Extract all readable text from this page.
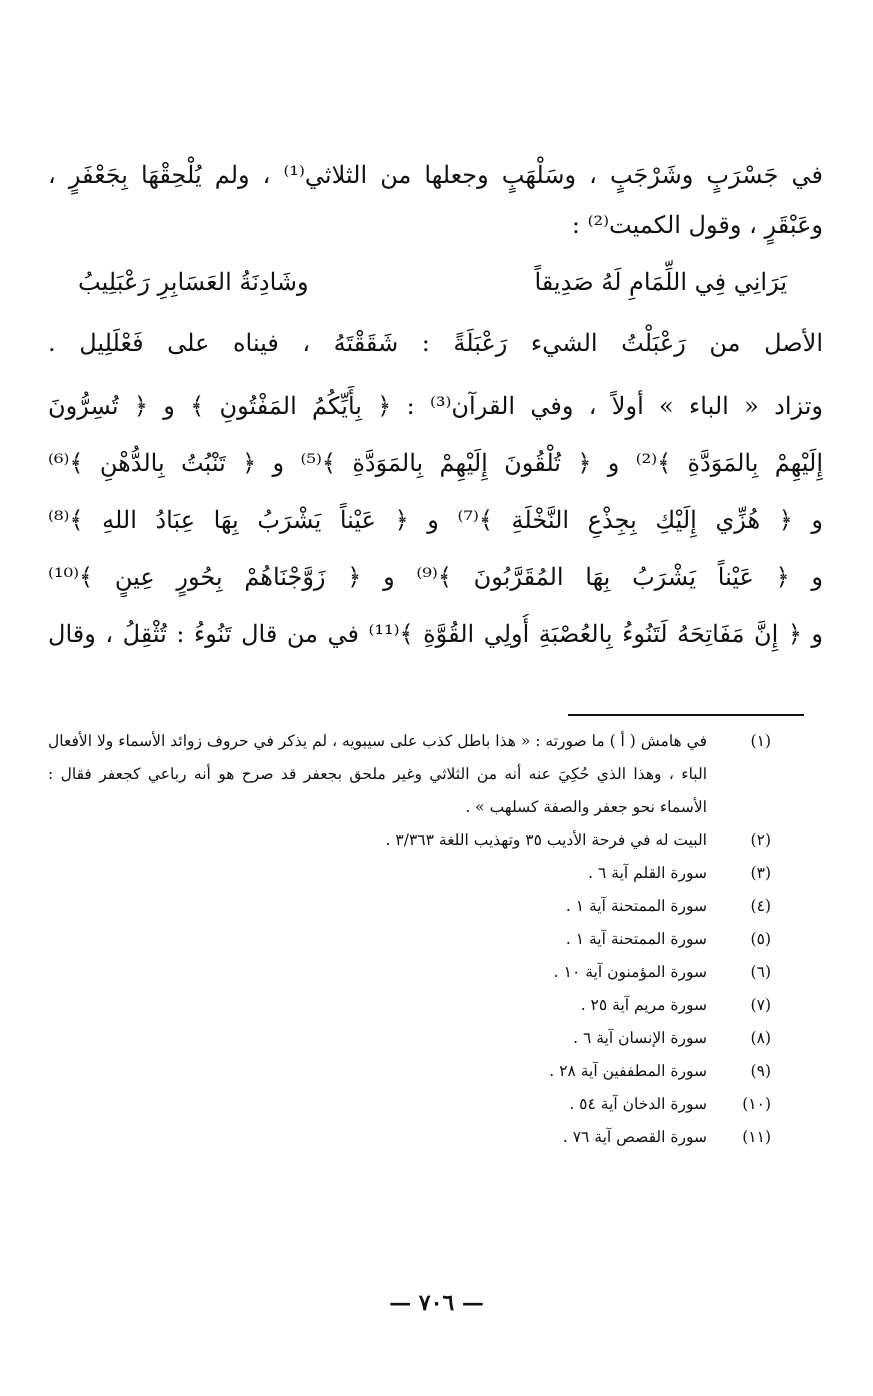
في جَسْرَبٍ وشَرْجَبٍ ، وسَلْهَبٍ وجعلها من الثلاثي⁽¹⁾ ، ولم يُلْحِقْهَا بِجَعْفَرٍ ،
وعَبْقَرٍ ، وقول الكميت⁽²⁾ :
يَرَانِي فِي اللِّمَامِ لَهُ صَدِيقاً
وشَادِنَةُ العَسَابِرِ رَعْبَلِيبُ
الأصل من رَعْبَلْتُ الشيء رَعْبَلَةً : شَقَقْتَهُ ، فيناه على فَعْلَلِيل .
وتزاد « الباء » أولاً ، وفي القرآن⁽³⁾ : ﴿ بِأَيِّكُمُ المَفْتُونِ ﴾ و ﴿ تُسِرُّونَ
إِلَيْهِمْ بِالمَوَدَّةِ ﴾⁽²⁾ و ﴿ تُلْقُونَ إِلَيْهِمْ بِالمَوَدَّةِ ﴾⁽⁵⁾ و ﴿ تَنْبُتُ بِالدُّهْنِ ﴾⁽⁶⁾
و ﴿ هُزِّي إِلَيْكِ بِجِذْعِ النَّخْلَةِ ﴾⁽⁷⁾ و ﴿ عَيْناً يَشْرَبُ بِهَا عِبَادُ اللهِ ﴾⁽⁸⁾
و ﴿ عَيْناً يَشْرَبُ بِهَا المُقَرَّبُونَ ﴾⁽⁹⁾ و ﴿ زَوَّجْنَاهُمْ بِحُورٍ عِينٍ ﴾⁽¹⁰⁾
و ﴿ إِنَّ مَفَاتِحَهُ لَتَنُوءُ بِالعُصْبَةِ أُولِي القُوَّةِ ﴾⁽¹¹⁾ في من قال تَنُوءُ : تُثْقِلُ ، وقال
(١)
في هامش ( أ ) ما صورته : « هذا باطل كذب على سيبويه ، لم يذكر في حروف زوائد الأسماء ولا الأفعال الباء ، وهذا الذي حُكِيَ عنه أنه من الثلاثي وغير ملحق بجعفر قد صرح هو أنه رباعي كجعفر فقال : الأسماء نحو جعفر والصفة كسلهب » .
(٢)
البيت له في فرحة الأديب ٣٥ وتهذيب اللغة ٣/٣٦٣ .
(٣)
سورة القلم آية ٦ .
(٤)
سورة الممتحنة آية ١ .
(٥)
سورة الممتحنة آية ١ .
(٦)
سورة المؤمنون آية ١٠ .
(٧)
سورة مريم آية ٢٥ .
(٨)
سورة الإنسان آية ٦ .
(٩)
سورة المطففين آية ٢٨ .
(١٠)
سورة الدخان آية ٥٤ .
(١١)
سورة القصص آية ٧٦ .
— ٧٠٦ —
